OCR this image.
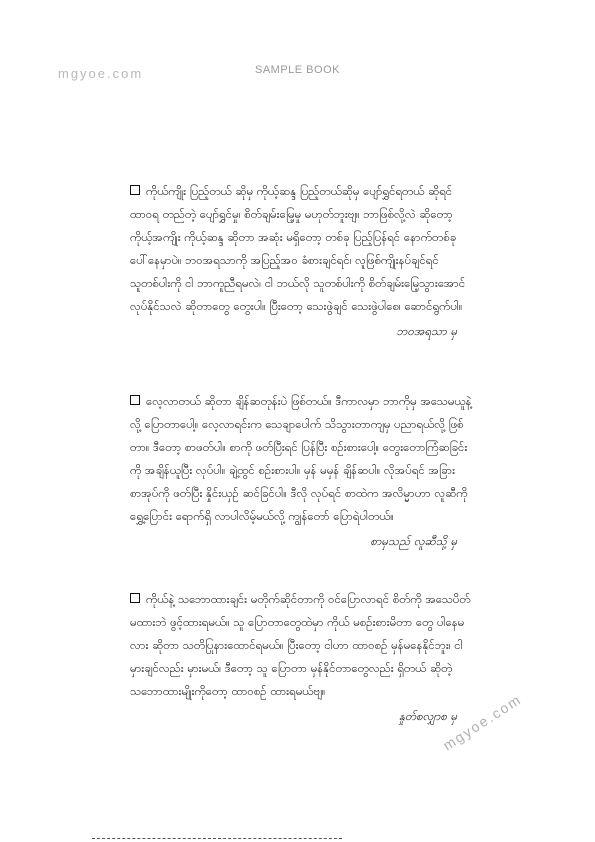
mgyoe.com	SAMPLE BOOK
ကိုယ်ကျိုး ပြည့်တယ် ဆိုမှ ကိုယ့်ဆန္ဒ ပြည့်တယ်ဆိုမှ ပျော်ရွှင်ရတယ် ဆိုရင် ထာဝရ တည်တဲ့ ပျော်ရွှင်မှု၊ စိတ်ချမ်းမြေ့မှု မဟုတ်ဘူးဗျ။ ဘာဖြစ်လို့လဲ ဆိုတော့ ကိုယ့်အကျိုး ကိုယ့်ဆန္ဒ ဆိုတာ အဆုံး မရှိတော့ တစ်ခု ပြည့်ပြန်ရင် နောက်တစ်ခု ပေါ်နေမှာပဲ။ ဘဝအရသာကို အပြည့်အဝ ခံစားချင်ရင်၊ လူဖြစ်ကျိုးနပ်ချင်ရင် သူတစ်ပါးကို ငါ ဘာကူညီရမလဲ၊ ငါ ဘယ်လို သူတစ်ပါးကို စိတ်ချမ်းမြေ့သွားအောင် လုပ်နိုင်သလဲ ဆိုတာတွေ တွေးပါ။ ပြီးတော့ သေးဖွဲချင် သေးဖွဲပါစေ၊ ဆောင်ရွက်ပါ။
ဘဝအရသာ မှ
လေ့လာတယ် ဆိုတာ ချိန်ဆတုန်းပဲ ဖြစ်တယ်။ ဒီကာလမှာ ဘာကိုမှ အသေမယူနဲ့လို့ ပြောတာပေါ့။ လေ့လာရင်းက သေချာပေါက် သိသွားတာကျမှ ပညာရယ်လို့ ဖြစ်တာ။ ဒီတော့ စာဖတ်ပါ။ စာကို ဖတ်ပြီးရင် ပြန်ပြီး စဉ်းစားပေါ့။ တွေးတောကြံဆခြင်းကို အချိန်ယူပြီး လုပ်ပါ။ ချဲ့ထွင် စဉ်းစားပါ။ မှန် မမှန် ချိန်ဆပါ။ လိုအပ်ရင် အခြားစာအုပ်ကို ဖတ်ပြီး နှိုင်းယှဉ် ဆင်ခြင်ပါ။ ဒီလို လုပ်ရင် စာထဲက အလိမ္မာဟာ လူဆီကို ရွှေ့ပြောင်း ရောက်ရှိ လာပါလိမ့်မယ်လို့ ကျွန်တော် ပြောရဲပါတယ်။
စာမှသည် လူဆီသို့ မှ
ကိုယ်နဲ့ သဘောထားချင်း မတိုက်ဆိုင်တာကို ဝင်ပြောလာရင် စိတ်ကို အသေပိတ်မထားဘဲ ဖွင့်ထားရမယ်။ သူ ပြောတာတွေထဲမှာ ကိုယ် မစဉ်းစားမိတာ တွေ ပါနေမလား ဆိုတာ သတိပြုနားထောင်ရမယ်။ ပြီးတော့ ငါဟာ ထာဝစဉ် မှန်မနေနိုင်ဘူး၊ ငါ မှားချင်လည်း မှားမယ်၊ ဒီတော့ သူ ပြောတာ မှန်နိုင်တာတွေလည်း ရှိတယ် ဆိုတဲ့ သဘောထားမျိုးကိုတော့ ထာဝစဉ် ထားရမယ်ဗျ။
နှုတ်စလျှာစ မှ
mgyoe.com
